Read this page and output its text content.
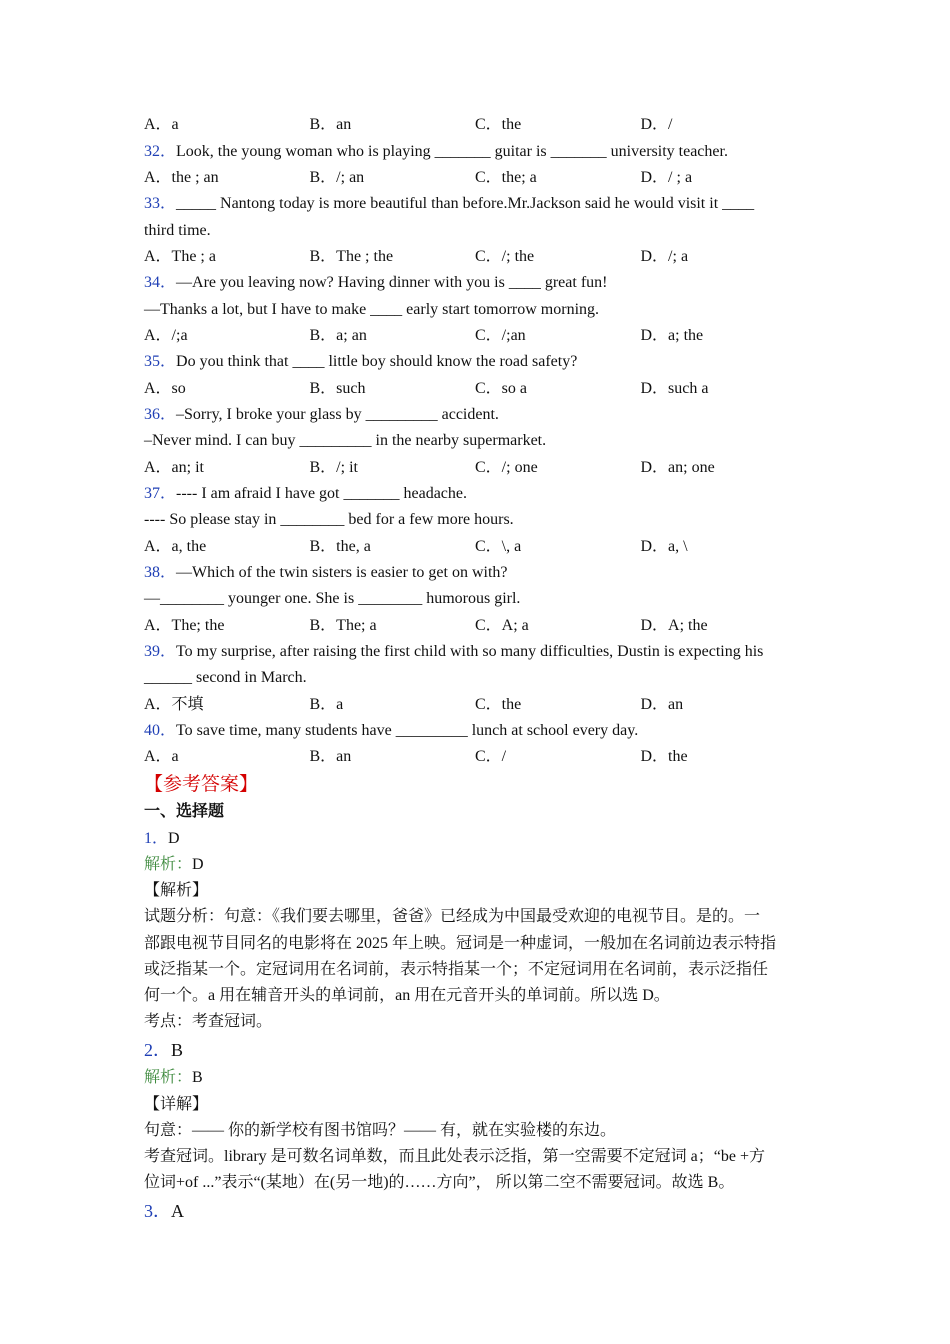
A．a	B．an	C．the	D．/
32．Look, the young woman who is playing _______ guitar is _______ university teacher.
A．the ; an	B．/; an	C．the; a	D．/ ; a
33．_____ Nantong today is more beautiful than before.Mr.Jackson said he would visit it ____
third time.
A．The ; a	B．The ; the	C．/; the	D．/; a
34．—Are you leaving now? Having dinner with you is ____ great fun!
—Thanks a lot, but I have to make ____ early start tomorrow morning.
A．/;a	B．a; an	C．/;an	D．a; the
35．Do you think that ____ little boy should know the road safety?
A．so	B．such	C．so a	D．such a
36．–Sorry, I broke your glass by _________ accident.
–Never mind. I can buy _________ in the nearby supermarket.
A．an; it	B．/; it	C．/; one	D．an; one
37．---- I am afraid I have got _______ headache.
---- So please stay in ________ bed for a few more hours.
A．a, the	B．the, a	C．\, a	D．a, \
38．—Which of the twin sisters is easier to get on with?
—________ younger one. She is ________ humorous girl.
A．The; the	B．The; a	C．A; a	D．A; the
39．To my surprise, after raising the first child with so many difficulties, Dustin is expecting his
______ second in March.
A．不填	B．a	C．the	D．an
40．To save time, many students have _________ lunch at school every day.
A．a	B．an	C．/	D．the
【参考答案】
一、选择题
1．D
解析：D
【解析】
试题分析：句意：《我们要去哪里，爸爸》已经成为中国最受欢迎的电视节目。是的。一
部跟电视节目同名的电影将在 2025 年上映。冠词是一种虚词，一般加在名词前边表示特指
或泛指某一个。定冠词用在名词前，表示特指某一个；不定冠词用在名词前，表示泛指任
何一个。a 用在辅音开头的单词前，an 用在元音开头的单词前。所以选 D。
考点：考查冠词。
2．B
解析：B
【详解】
句意：—— 你的新学校有图书馆吗？—— 有，就在实验楼的东边。
考查冠词。library 是可数名词单数，而且此处表示泛指，第一空需要不定冠词 a；“be +方
位词+of ...”表示“(某地）在(另一地)的……方向”， 所以第二空不需要冠词。故选 B。
3．A
